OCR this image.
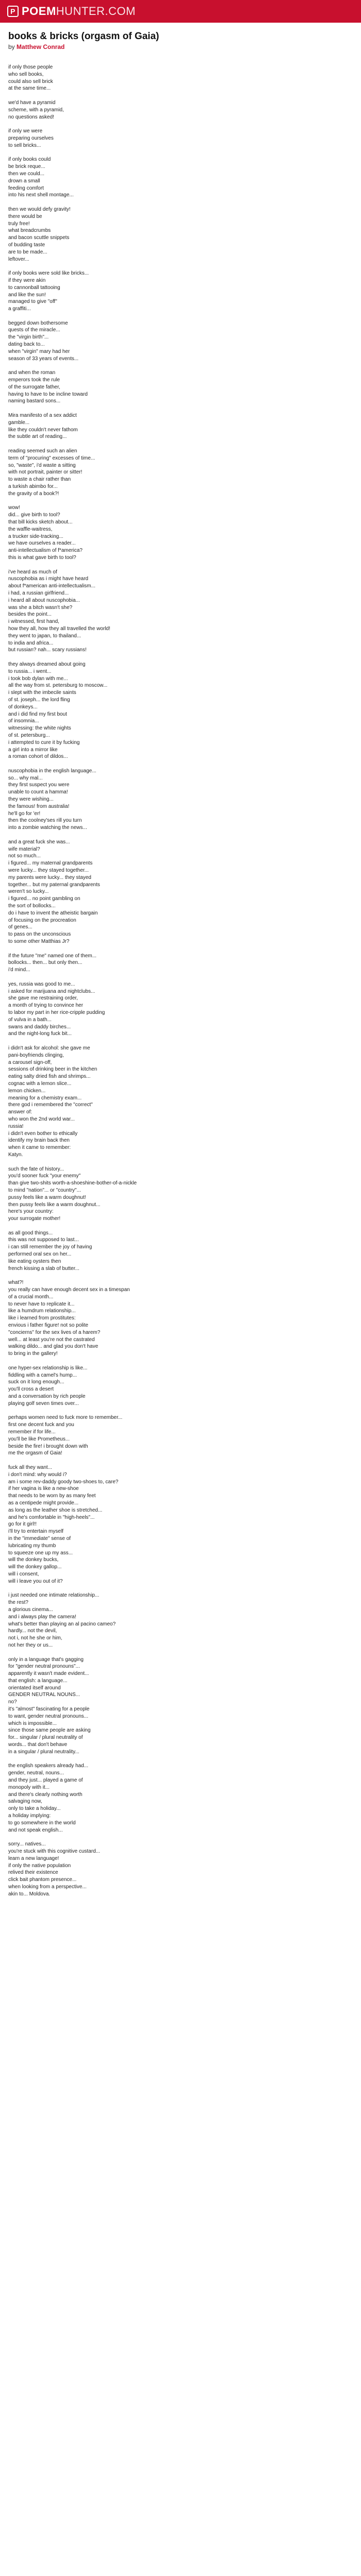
P POEM HUNTER.COM
books & bricks (orgasm of Gaia)
by Matthew Conrad

if only those people
who sell books,
could also sell brick
at the same time...

we'd have a pyramid
scheme, with a pyramid,
no questions asked!

if only we were
preparing ourselves
to sell bricks...

if only books could
be brick reque...
then we could...
drown a small
feeding comfort
into his next shell montage...

then we would defy gravity!
there would be
truly free!
what breadcrumbs
and bacon scuttle snippets
of budding taste
are to be made...
leftover...

if only books were sold like bricks...
if they were akin
to cannonball tattooing
and like the sun!
managed to give "off"
a graffiti...

begged down bothersome
quests of the miracle...
the "virgin birth"...
dating back to...
when "virgin" mary had her
season of 33 years of events...

and when the roman
emperors took the rule
of the surrogate father,
having to have to be incline toward
naming bastard sons...

Mira manifesto of a sex addict
gamble...
like they couldn't never fathom
the subtle art of reading...

reading seemed such an alien
term of "procuring" excesses of time...
so, "waste", i'd waste a sitting
with not portrait, painter or sitter!
to waste a chair rather than
a turkish abimbo for...
the gravity of a book?!

wow!
did... give birth to tool?
that bill kicks sketch about...
the waffle-waitress,
a trucker side-tracking...
we have ourselves a reader...
anti-intellectualism of f*america?
this is what gave birth to tool?

i've heard as much of
nuscophobia as i might have heard
about f*american anti-intellectualism...
i had, a russian girlfriend...
i heard all about nuscophobia...
was she a bitch wasn't she?
besides the point...
i witnessed, first hand,
how they all, how they all travelled the world!
they went to japan, to thailand...
to india and africa...
but russian? nah... scary russians!

they always dreamed about going
to russia... i went...
i took bob dylan with me...
all the way from st. petersburg to moscow...
i slept with the imbecile saints
of st. joseph... the lord fling
of donkeys...
and i did find my first bout
of insomnia...
witnessing: the white nights
of st. petersburg...
i attempted to cure it by fucking
a girl into a mirror like
a roman cohort of dildos...

nuscophobia in the english language...
so... why mal...
they first suspect you were
unable to count a hamma!
they were wishing...
the famous! from australia!
he'll go for 'er!
then the coolney'ses rill you turn
into a zombie watching the news...

and a great fuck she was...
wife material?
not so much...
i figured... my maternal grandparents
were lucky... they stayed together...
my parents were lucky... they stayed
together... but my paternal grandparents
weren't so lucky...
i figured... no point gambling on
the sort of bollocks...
do i have to invent the atheistic bargain
of focusing on the procreation
of genes...
to pass on the unconscious
to some other Matthias Jr?

if the future "me" named one of them...
bollocks... then... but only then...
i'd mind...

yes, russia was good to me...
i asked for marijuana and nightclubs...
she gave me restraining order,
a month of trying to convince her
to labor my part in her rice-cripple pudding
of vulva in a bath...
swans and daddy birches...
and the night-long fuck bit...

i didn't ask for alcohol: she gave me
pani-boyfriends clinging,
a carousel sign-off,
sessions of drinking beer in the kitchen
eating salty dried fish and shrimps...
cognac with a lemon slice...
lemon chicken...
meaning for a chemistry exam...
there god i remembered the "correct"
answer of:
who won the 2nd world war...
russia!
i didn't even bother to ethically
identify my brain back then
when it came to remember:
Katyn.

such the fate of history...
you'd sooner fuck "your enemy"
than give two-shits worth-a-shoeshine-bother-of-a-nickle
to mind "nation"... or "country"...
pussy feels like a warm doughnut!
then pussy feels like a warm doughnut...
here's your country:
your surrogate mother!

as all good things...
this was not supposed to last...
i can still remember the joy of having
performed oral sex on her...
like eating oysters then
french kissing a slab of butter...

what?!
you really can have enough decent sex in a timespan
of a crucial month...
to never have to replicate it...
like a humdrum relationship...
like i learned from prostitutes:
envious i father figure! not so polite
"concierns" for the sex lives of a harem?
well... at least you're not the castrated
walking dildo... and glad you don't have
to bring in the gallery!

one hyper-sex relationship is like...
fiddling with a camel's hump...
suck on it long enough...
you'll cross a desert
and a conversation by rich people
playing golf seven times over...

perhaps women need to fuck more to remember...
first one decent fuck and you
remember if for life...
you'll be like Prometheus...
beside the fire! i brought down with
me the orgasm of Gaia!

fuck all they want...
i don't mind: why would i?
am i some rev-daddy goody two-shoes to, care?
if her vagina is like a new-shoe
that needs to be worn by as many feet
as a centipede might provide...
as long as the leather shoe is stretched...
and he's comfortable in "high-heels"...
go for it girl!!
i'll try to entertain myself
in the "immediate" sense of
lubricating my thumb
to squeeze one up my ass...
will the donkey bucks,
will the donkey gallop...
will i consent,
will i leave you out of it?

i just needed one intimate relationship...
the rest?
a glorious cinema...
and i always play the camera!
what's better than playing an al pacino cameo?
hardly... not the devil,
not i, not he she or him,
not her they or us...

only in a language that's gagging
for "gender neutral pronouns"...
apparently it wasn't made evident...
that english: a language...
orientated itself around
GENDER NEUTRAL NOUNS...
no?
it's "almost" fascinating for a people
to want, gender neutral pronouns...
which is impossible...
since those same people are asking
for... singular / plural neutrality of
words... that don't behave
in a singular / plural neutrality...

the english speakers already had...
gender, neutral, nouns...
and they just... played a game of
monopoly with it...
and there's clearly nothing worth
salvaging now,
only to take a holiday...
a holiday implying:
to go somewhere in the world
and not speak english...

sorry... natives...
you're stuck with this cognitive custard...
learn a new language!
if only the native population
relived their existence
click bait phantom presence...
when looking from a perspective...
akin to... Moldova.
